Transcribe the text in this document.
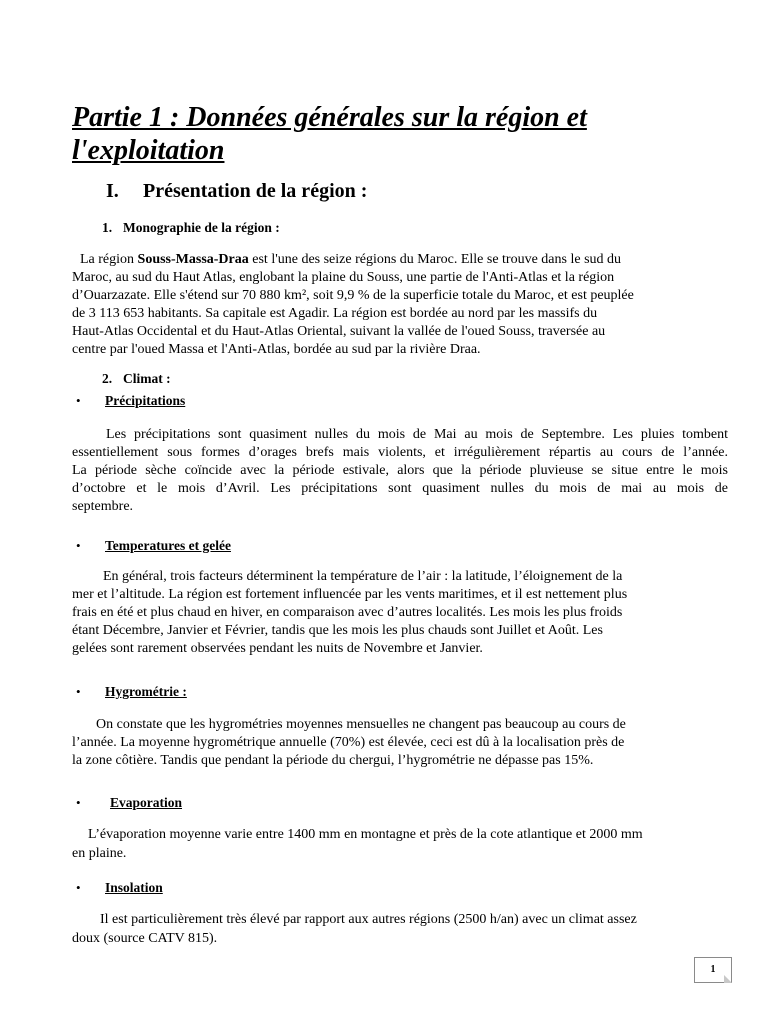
Partie 1 : Données générales sur la région et
l'exploitation
I. Présentation de la région :
1. Monographie de la région :
La région Souss-Massa-Draa est l'une des seize régions du Maroc. Elle se trouve dans le sud du
Maroc, au sud du Haut Atlas, englobant la plaine du Souss, une partie de l'Anti-Atlas et la région
d’Ouarzazate. Elle s'étend sur 70 880 km², soit 9,9 % de la superficie totale du Maroc, et est peuplée
de 3 113 653 habitants. Sa capitale est Agadir. La région est bordée au nord par les massifs du
Haut-Atlas Occidental et du Haut-Atlas Oriental, suivant la vallée de l'oued Souss, traversée au
centre par l'oued Massa et l'Anti-Atlas, bordée au sud par la rivière Draa.
2. Climat :
• Précipitations
Les précipitations sont quasiment nulles du mois de Mai au mois de Septembre. Les pluies tombent
essentiellement sous formes d’orages brefs mais violents, et irrégulièrement répartis au cours de l’année.
La période sèche coïncide avec la période estivale, alors que la période pluvieuse se situe entre le mois
d’octobre et le mois d’Avril. Les précipitations sont quasiment nulles du mois de mai au mois de
septembre.
• Temperatures et gelée
En général, trois facteurs déterminent la température de l’air : la latitude, l’éloignement de la
mer et l’altitude. La région est fortement influencée par les vents maritimes, et il est nettement plus
frais en été et plus chaud en hiver, en comparaison avec d’autres localités. Les mois les plus froids
étant Décembre, Janvier et Février, tandis que les mois les plus chauds sont Juillet et Août. Les
gelées sont rarement observées pendant les nuits de Novembre et Janvier.
• Hygrométrie :
On constate que les hygrométries moyennes mensuelles ne changent pas beaucoup au cours de
l’année. La moyenne hygrométrique annuelle (70%) est élevée, ceci est dû à la localisation près de
la zone côtière. Tandis que pendant la période du chergui, l’hygrométrie ne dépasse pas 15%.
• Evaporation
L’évaporation moyenne varie entre 1400 mm en montagne et près de la cote atlantique et 2000 mm
en plaine.
• Insolation
Il est particulièrement très élevé par rapport aux autres régions (2500 h/an) avec un climat assez
doux (source CATV 815).
1
